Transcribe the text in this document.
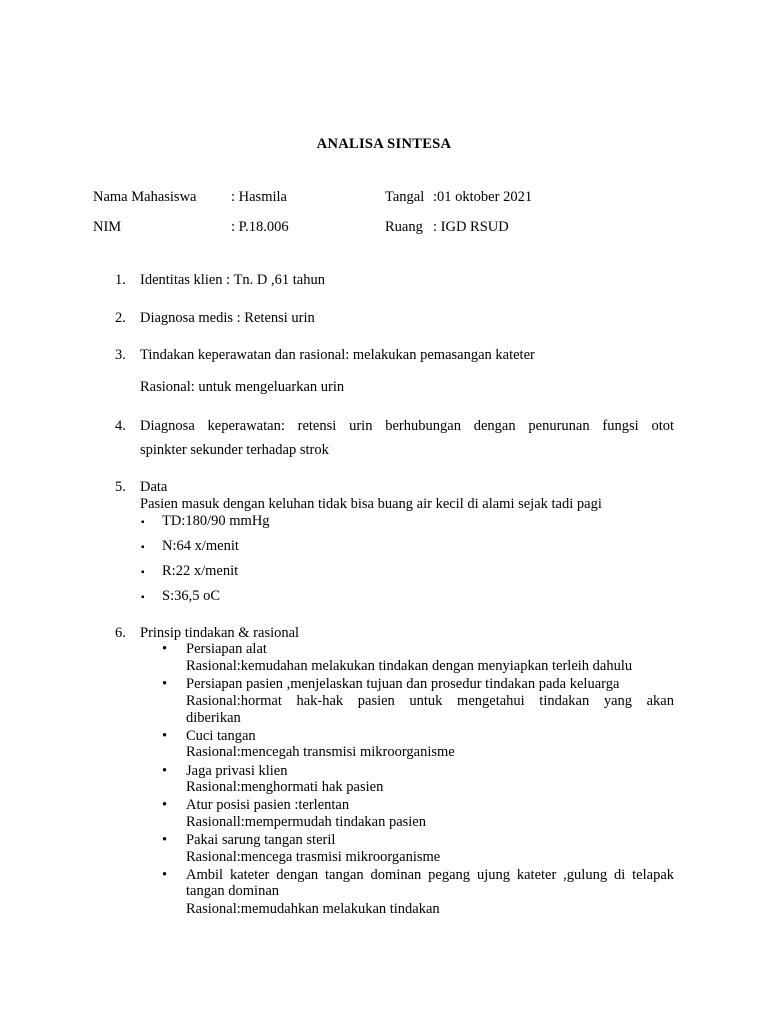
ANALISA SINTESA
Nama Mahasiswa : Hasmila	Tangal :01 oktober 2021
NIM	: P.18.006	Ruang : IGD RSUD
1. Identitas klien : Tn. D ,61 tahun
2. Diagnosa medis : Retensi urin
3. Tindakan keperawatan dan rasional: melakukan pemasangan kateter
Rasional: untuk mengeluarkan urin
4. Diagnosa keperawatan: retensi urin berhubungan dengan penurunan fungsi otot
spinkter sekunder terhadap strok
5. Data
Pasien masuk dengan keluhan tidak bisa buang air kecil di alami sejak tadi pagi
▪ TD:180/90 mmHg
▪ N:64 x/menit
▪ R:22 x/menit
▪ S:36,5 oC
6. Prinsip tindakan & rasional
• Persiapan alat
Rasional:kemudahan melakukan tindakan dengan menyiapkan terleih dahulu
• Persiapan pasien ,menjelaskan tujuan dan prosedur tindakan pada keluarga
Rasional:hormat hak-hak pasien untuk mengetahui tindakan yang akan
diberikan
• Cuci tangan
Rasional:mencegah transmisi mikroorganisme
• Jaga privasi klien
Rasional:menghormati hak pasien
• Atur posisi pasien :terlentan
Rasionall:mempermudah tindakan pasien
• Pakai sarung tangan steril
Rasional:mencega trasmisi mikroorganisme
• Ambil kateter dengan tangan dominan pegang ujung kateter ,gulung di telapak
tangan dominan
Rasional:memudahkan melakukan tindakan
